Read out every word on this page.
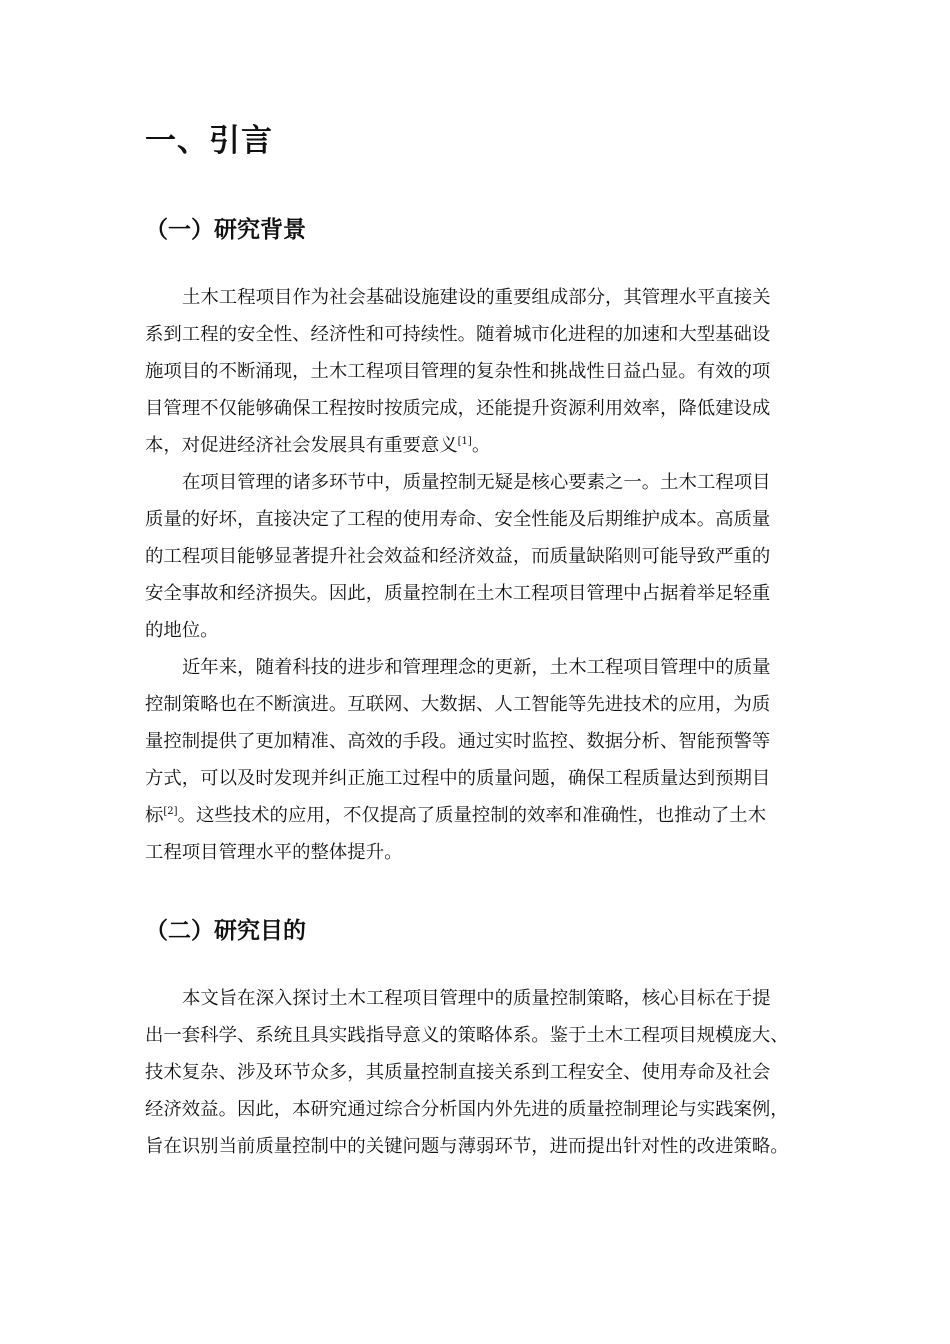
一、引言
（一）研究背景

土木工程项目作为社会基础设施建设的重要组成部分，其管理水平直接关

系到工程的安全性、经济性和可持续性。随着城市化进程的加速和大型基础设

施项目的不断涌现，土木工程项目管理的复杂性和挑战性日益凸显。有效的项

目管理不仅能够确保工程按时按质完成，还能提升资源利用效率，降低建设成

本，对促进经济社会发展具有重要意义[1]。

在项目管理的诸多环节中，质量控制无疑是核心要素之一。土木工程项目

质量的好坏，直接决定了工程的使用寿命、安全性能及后期维护成本。高质量

的工程项目能够显著提升社会效益和经济效益，而质量缺陷则可能导致严重的

安全事故和经济损失。因此，质量控制在土木工程项目管理中占据着举足轻重

的地位。

近年来，随着科技的进步和管理理念的更新，土木工程项目管理中的质量

控制策略也在不断演进。互联网、大数据、人工智能等先进技术的应用，为质

量控制提供了更加精准、高效的手段。通过实时监控、数据分析、智能预警等

方式，可以及时发现并纠正施工过程中的质量问题，确保工程质量达到预期目

标[2]。这些技术的应用，不仅提高了质量控制的效率和准确性，也推动了土木

工程项目管理水平的整体提升。

（二）研究目的

本文旨在深入探讨土木工程项目管理中的质量控制策略，核心目标在于提

出一套科学、系统且具实践指导意义的策略体系。鉴于土木工程项目规模庞大、

技术复杂、涉及环节众多，其质量控制直接关系到工程安全、使用寿命及社会

经济效益。因此，本研究通过综合分析国内外先进的质量控制理论与实践案例，

旨在识别当前质量控制中的关键问题与薄弱环节，进而提出针对性的改进策略。
